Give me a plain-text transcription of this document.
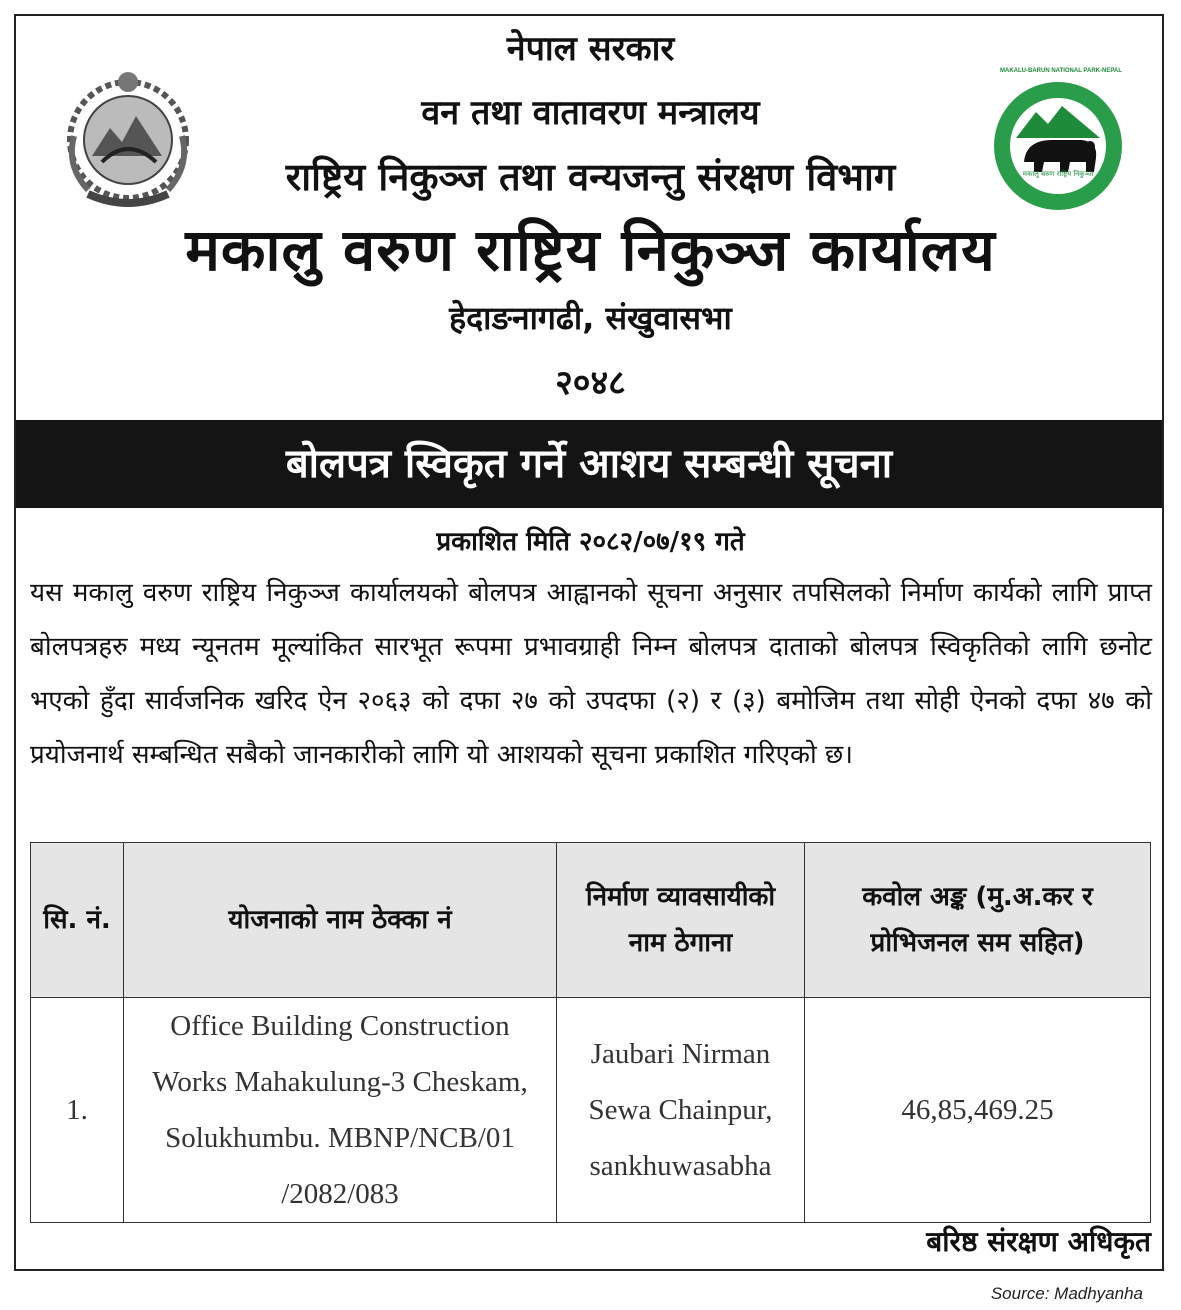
MAKALU-BARUN NATIONAL PARK-NEPAL
मकालु बरुण राष्ट्रिय निकुञ्ज
नेपाल सरकार
वन तथा वातावरण मन्त्रालय
राष्ट्रिय निकुञ्ज तथा वन्यजन्तु संरक्षण विभाग
मकालु वरुण राष्ट्रिय निकुञ्ज कार्यालय
हेदाङनागढी, संखुवासभा
२०४८
बोलपत्र स्विकृत गर्ने आशय सम्बन्धी सूचना
प्रकाशित मिति २०८२/०७/१९ गते
यस मकालु वरुण राष्ट्रिय निकुञ्ज कार्यालयको बोलपत्र आह्वानको सूचना अनुसार तपसिलको निर्माण कार्यको लागि प्राप्त बोलपत्रहरु मध्य न्यूनतम मूल्यांकित सारभूत रूपमा प्रभावग्राही निम्न बोलपत्र दाताको बोलपत्र स्विकृतिको लागि छनोट भएको हुँदा सार्वजनिक खरिद ऐन २०६३ को दफा २७ को उपदफा (२) र (३) बमोजिम तथा सोही ऐनको दफा ४७ को प्रयोजनार्थ सम्बन्धित सबैको जानकारीको लागि यो आशयको सूचना प्रकाशित गरिएको छ।
सि. नं.	योजनाको नाम ठेक्का नं	निर्माण व्यावसायीको नाम ठेगाना	कवोल अङ्क (मु.अ.कर र प्रोभिजनल सम सहित)
1.	Office Building Construction Works Mahakulung-3 Cheskam, Solukhumbu. MBNP/NCB/01 /2082/083	Jaubari Nirman Sewa Chainpur, sankhuwasabha	46,85,469.25
बरिष्ठ संरक्षण अधिकृत
Source: Madhyanha
